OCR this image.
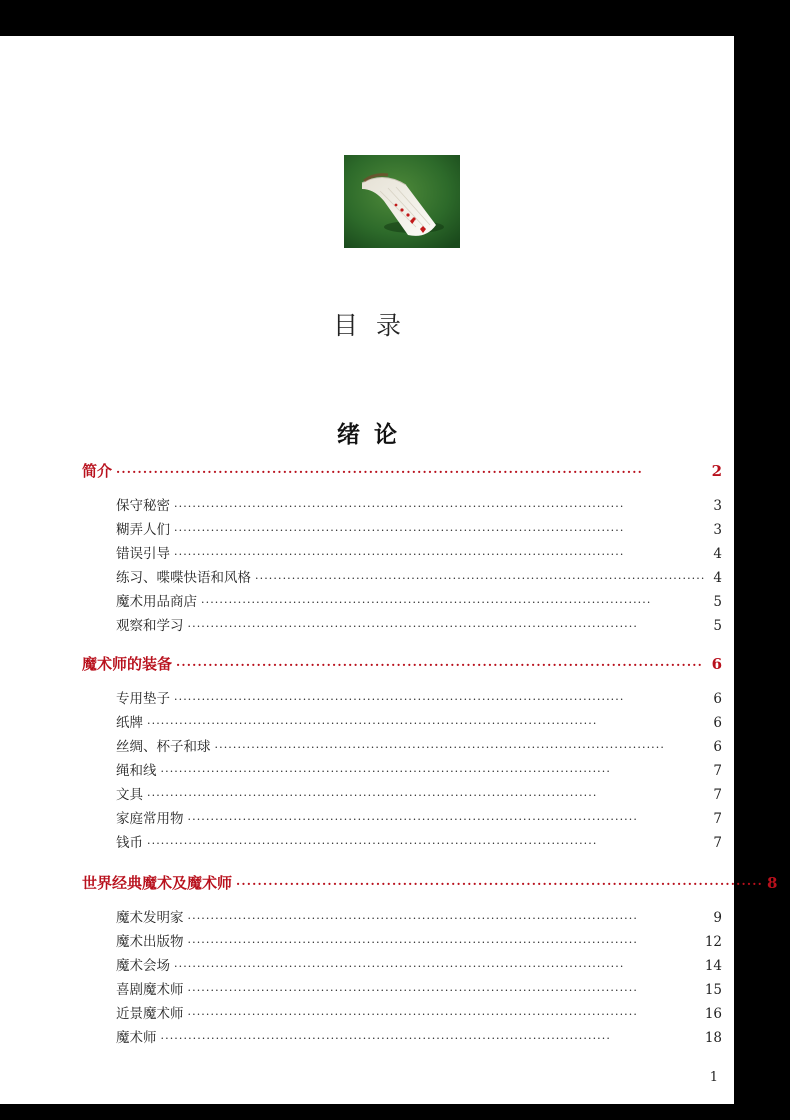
目录
绪论
简介 ··································································································	2
保守秘密 ··································································································	3
糊弄人们 ··································································································	3
错误引导 ··································································································	4
练习、喋喋快语和风格 ·································································································· 4
魔术用品商店 ··································································································	5
观察和学习 ··································································································	5
魔术师的装备 ·································································································· 6
专用垫子 ··································································································	6
纸牌 ··································································································	6
丝绸、杯子和球 ··································································································	6
绳和线 ··································································································	7
文具 ··································································································	7
家庭常用物 ··································································································	7
钱币 ··································································································	7
世界经典魔术及魔术师 ·································································································· 8
魔术发明家 ··································································································	9
魔术出版物 ··································································································	12
魔术会场 ··································································································	14
喜剧魔术师 ··································································································	15
近景魔术师 ··································································································	16
魔术师 ··································································································	18
1
